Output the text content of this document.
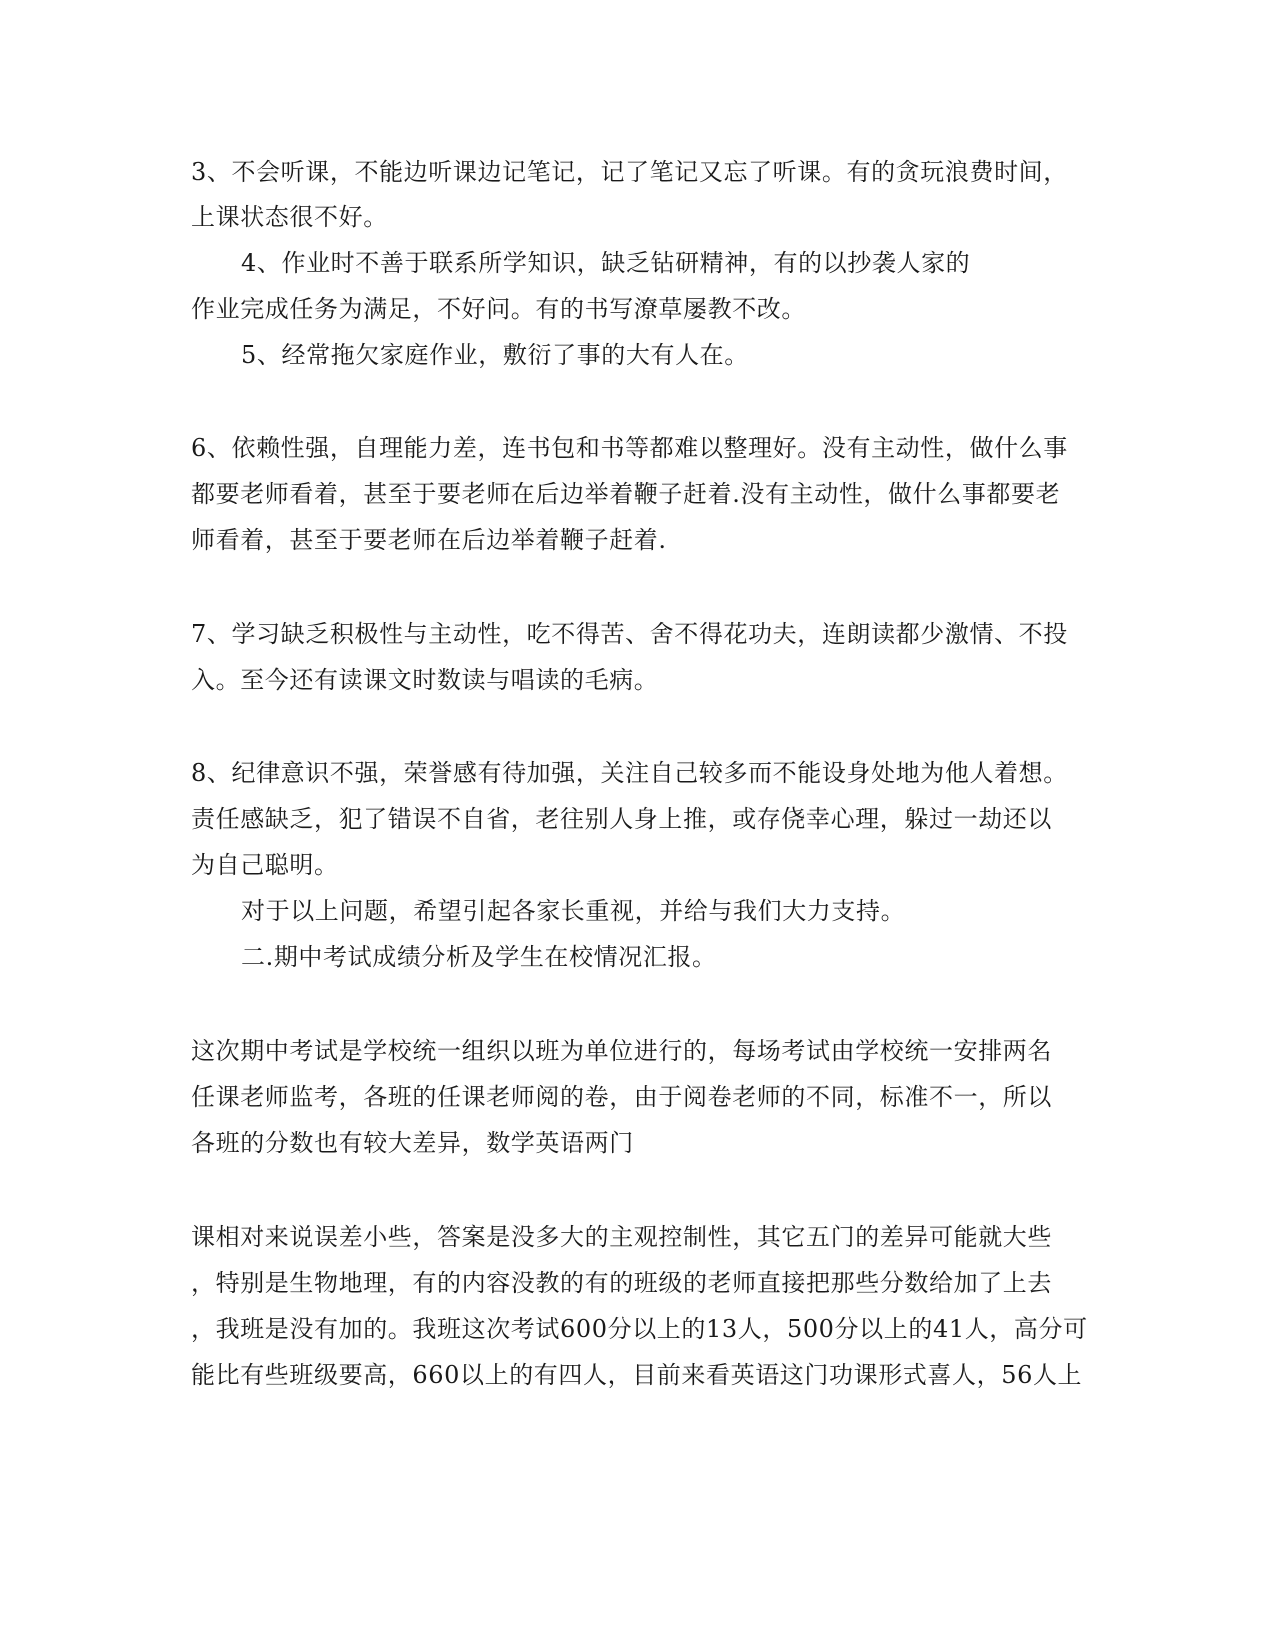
3、不会听课，不能边听课边记笔记，记了笔记又忘了听课。有的贪玩浪费时间，
上课状态很不好。
4、作业时不善于联系所学知识，缺乏钻研精神，有的以抄袭人家的
作业完成任务为满足，不好问。有的书写潦草屡教不改。
5、经常拖欠家庭作业，敷衍了事的大有人在。
6、依赖性强，自理能力差，连书包和书等都难以整理好。没有主动性，做什么事
都要老师看着，甚至于要老师在后边举着鞭子赶着.没有主动性，做什么事都要老
师看着，甚至于要老师在后边举着鞭子赶着.
7、学习缺乏积极性与主动性，吃不得苦、舍不得花功夫，连朗读都少激情、不投
入。至今还有读课文时数读与唱读的毛病。
8、纪律意识不强，荣誉感有待加强，关注自己较多而不能设身处地为他人着想。
责任感缺乏，犯了错误不自省，老往别人身上推，或存侥幸心理，躲过一劫还以
为自己聪明。
对于以上问题，希望引起各家长重视，并给与我们大力支持。
二.期中考试成绩分析及学生在校情况汇报。
这次期中考试是学校统一组织以班为单位进行的，每场考试由学校统一安排两名
任课老师监考，各班的任课老师阅的卷，由于阅卷老师的不同，标准不一，所以
各班的分数也有较大差异，数学英语两门
课相对来说误差小些，答案是没多大的主观控制性，其它五门的差异可能就大些
，特别是生物地理，有的内容没教的有的班级的老师直接把那些分数给加了上去
，我班是没有加的。我班这次考试600分以上的13人，500分以上的41人，高分可
能比有些班级要高，660以上的有四人，目前来看英语这门功课形式喜人，56人上
